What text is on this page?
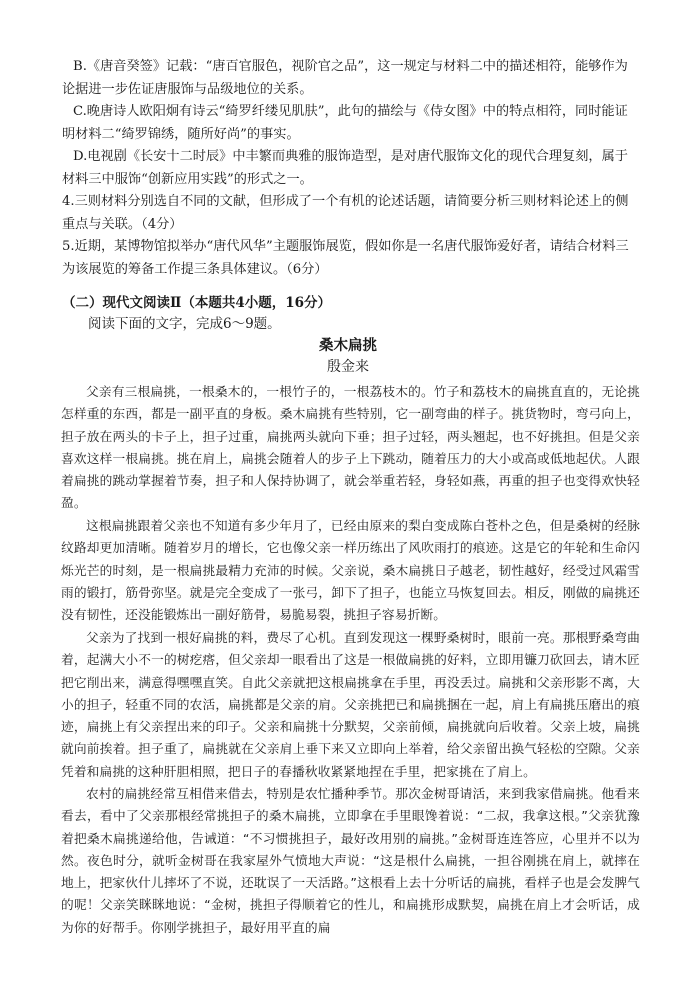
B.《唐音癸签》记载：“唐百官服色，视阶官之品”，这一规定与材料二中的描述相符，能够作为论据进一步佐证唐服饰与品级地位的关系。

C.晚唐诗人欧阳炯有诗云“绮罗纤缕见肌肤”，此句的描绘与《侍女图》中的特点相符，同时能证明材料二“绮罗锦绣，随所好尚”的事实。

D.电视剧《长安十二时辰》中丰繁而典雅的服饰造型，是对唐代服饰文化的现代合理复刻，属于材料三中服饰“创新应用实践”的形式之一。

4.三则材料分别选自不同的文献，但形成了一个有机的论述话题，请简要分析三则材料论述上的侧重点与关联。（4分）

5.近期，某博物馆拟举办“唐代风华”主题服饰展览，假如你是一名唐代服饰爱好者，请结合材料三为该展览的筹备工作提三条具体建议。（6分）

（二）现代文阅读Ⅱ（本题共4小题，16分）

阅读下面的文字，完成6～9题。

桑木扁挑

殷金来

父亲有三根扁挑，一根桑木的，一根竹子的，一根荔枝木的。竹子和荔枝木的扁挑直直的，无论挑怎样重的东西，都是一副平直的身板。桑木扁挑有些特别，它一副弯曲的样子。挑货物时，弯弓向上，担子放在两头的卡子上，担子过重，扁挑两头就向下垂；担子过轻，两头翘起，也不好挑担。但是父亲喜欢这样一根扁挑。挑在肩上，扁挑会随着人的步子上下跳动，随着压力的大小或高或低地起伏。人跟着扁挑的跳动掌握着节奏，担子和人保持协调了，就会举重若轻，身轻如燕，再重的担子也变得欢快轻盈。

这根扁挑跟着父亲也不知道有多少年月了，已经由原来的梨白变成陈白苍朴之色，但是桑树的经脉纹路却更加清晰。随着岁月的增长，它也像父亲一样历练出了风吹雨打的痕迹。这是它的年轮和生命闪烁光芒的时刻，是一根扁挑最精力充沛的时候。父亲说，桑木扁挑日子越老，韧性越好，经受过风霜雪雨的锻打，筋骨弥坚。就是完全变成了一张弓，卸下了担子，也能立马恢复回去。相反，刚做的扁挑还没有韧性，还没能锻炼出一副好筋骨，易脆易裂，挑担子容易折断。

父亲为了找到一根好扁挑的料，费尽了心机。直到发现这一棵野桑树时，眼前一亮。那根野桑弯曲着，起满大小不一的树疙瘩，但父亲却一眼看出了这是一根做扁挑的好料，立即用镰刀砍回去，请木匠把它削出来，满意得嘿嘿直笑。自此父亲就把这根扁挑拿在手里，再没丢过。扁挑和父亲形影不离，大小的担子，轻重不同的农活，扁挑都是父亲的肩。父亲挑把已和扁挑捆在一起，肩上有扁挑压磨出的痕迹，扁挑上有父亲捏出来的印子。父亲和扁挑十分默契，父亲前倾，扁挑就向后收着。父亲上坡，扁挑就向前挨着。担子重了，扁挑就在父亲肩上垂下来又立即向上举着，给父亲留出换气轻松的空隙。父亲凭着和扁挑的这种肝胆相照，把日子的春播秋收紧紧地捏在手里，把家挑在了肩上。

农村的扁挑经常互相借来借去，特别是农忙播种季节。那次金树哥请活，来到我家借扁挑。他看来看去，看中了父亲那根经常挑担子的桑木扁挑，立即拿在手里眼馋着说：“二叔，我拿这根。”父亲犹豫着把桑木扁挑递给他，告诫道：“不习惯挑担子，最好改用别的扁挑。”金树哥连连答应，心里并不以为然。夜色时分，就听金树哥在我家屋外气愤地大声说：“这是根什么扁挑，一担谷刚挑在肩上，就摔在地上，把家伙什儿摔坏了不说，还耽误了一天活路。”这根看上去十分听话的扁挑，看样子也是会发脾气的呢！父亲笑眯眯地说：“金树，挑担子得顺着它的性儿，和扁挑形成默契，扁挑在肩上才会听话，成为你的好帮手。你刚学挑担子，最好用平直的扁
